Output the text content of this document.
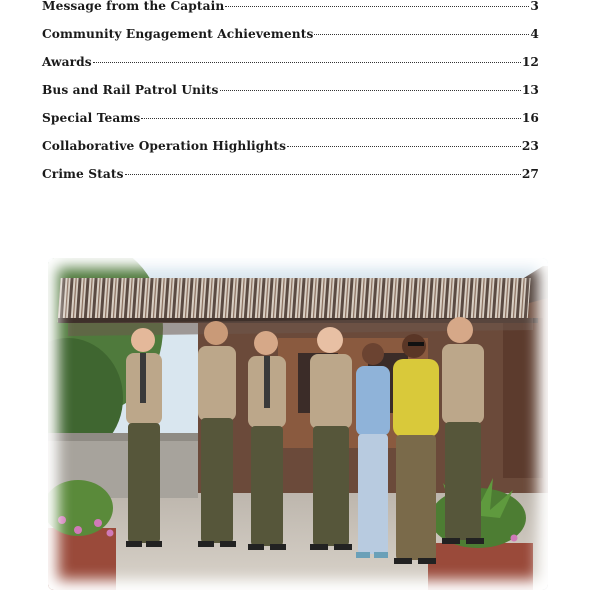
Message from the Captain	3
Community Engagement Achievements	4
Awards	12
Bus and Rail Patrol Units	13
Special Teams	16
Collaborative Operation Highlights	23
Crime Stats	27
